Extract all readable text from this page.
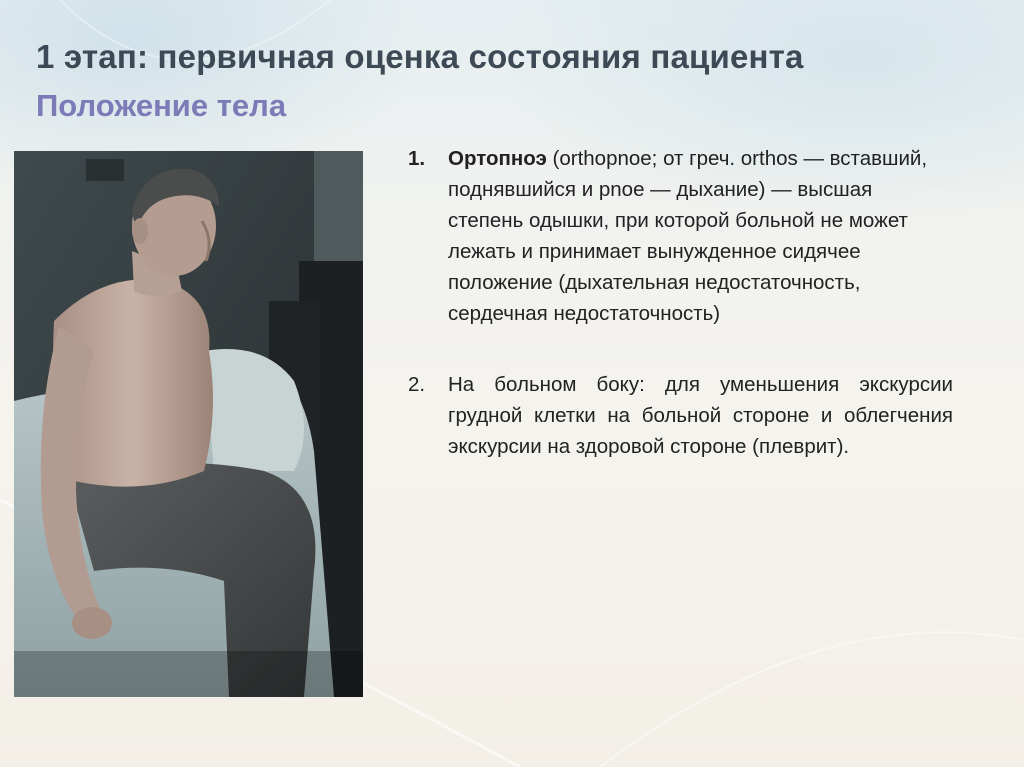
1 этап: первичная оценка состояния пациента
Положение тела
1. Ортопноэ (orthopnoe; от греч. orthos — вставший, поднявшийся и pnoe — дыхание) — высшая степень одышки, при которой больной не может лежать и принимает вынужденное сидячее положение (дыхательная недостаточность, сердечная недостаточность)
2. На больном боку: для уменьшения экскурсии грудной клетки на больной стороне и облегчения экскурсии на здоровой стороне (плеврит).
